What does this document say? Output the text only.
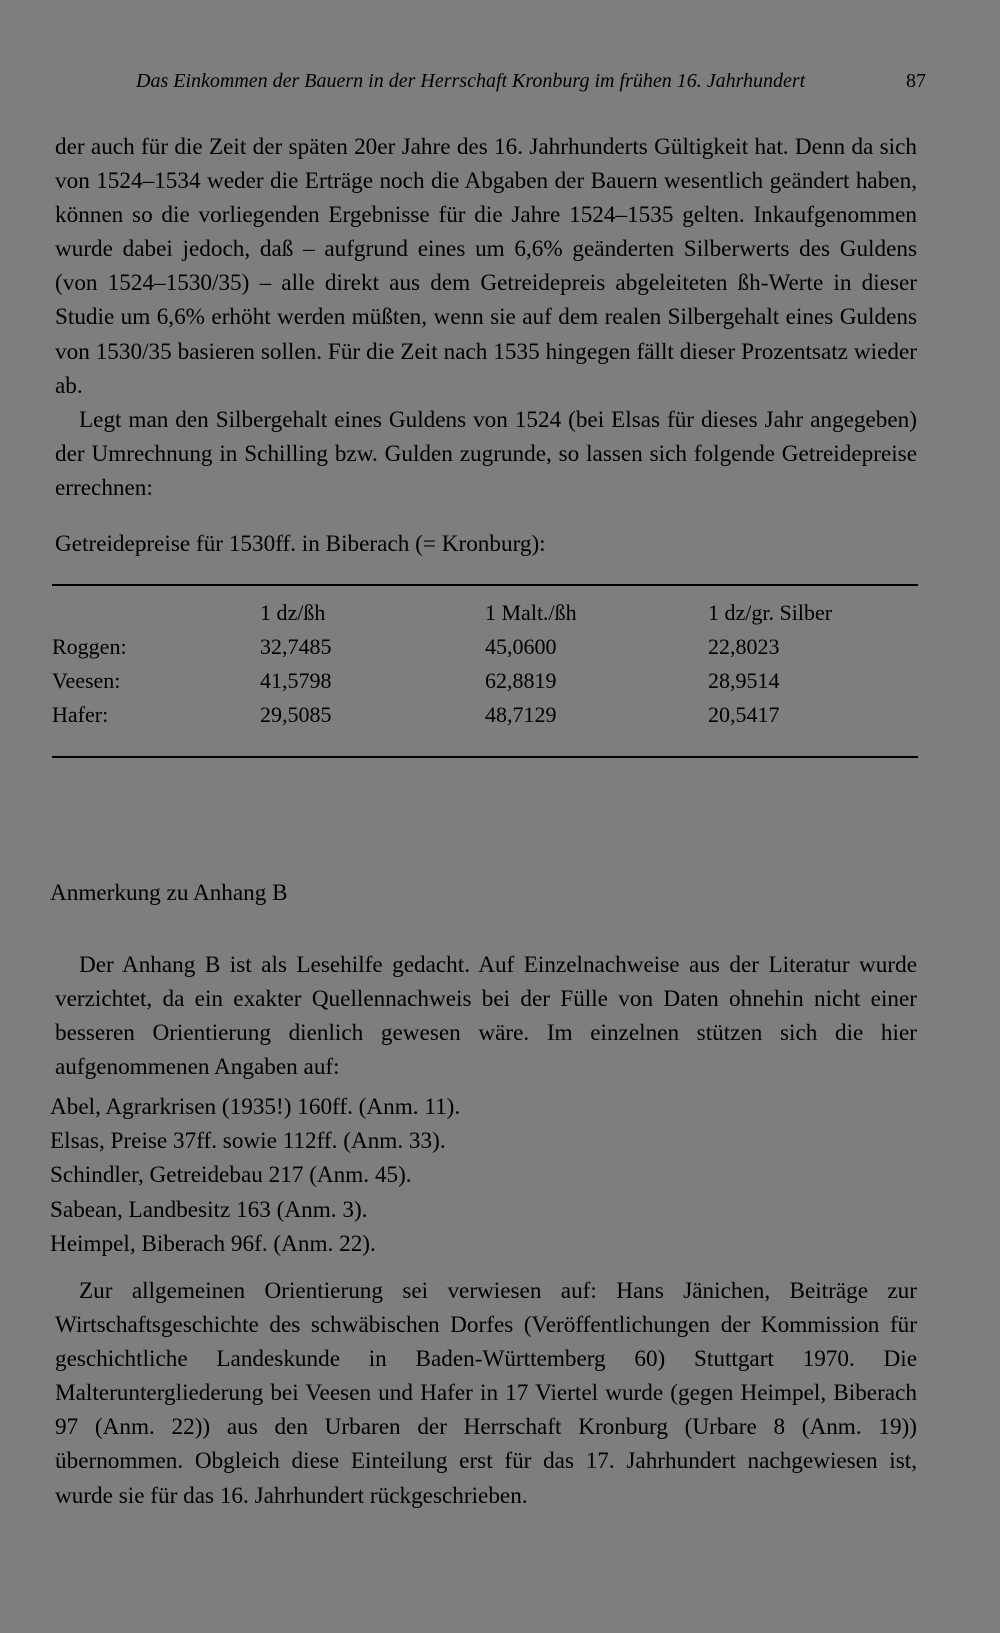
Das Einkommen der Bauern in der Herrschaft Kronburg im frühen 16. Jahrhundert	87

der auch für die Zeit der späten 20er Jahre des 16. Jahrhunderts Gültigkeit hat. Denn da sich von 1524–1534 weder die Erträge noch die Abgaben der Bauern wesentlich geändert haben, können so die vorliegenden Ergebnisse für die Jahre 1524–1535 gelten. Inkaufgenommen wurde dabei jedoch, daß – aufgrund eines um 6,6% geänderten Silberwerts des Guldens (von 1524–1530/35) – alle direkt aus dem Getreidepreis abgeleiteten ßh-Werte in dieser Studie um 6,6% erhöht werden müßten, wenn sie auf dem realen Silbergehalt eines Guldens von 1530/35 basieren sollen. Für die Zeit nach 1535 hingegen fällt dieser Prozentsatz wieder ab.

Legt man den Silbergehalt eines Guldens von 1524 (bei Elsas für dieses Jahr angegeben) der Umrechnung in Schilling bzw. Gulden zugrunde, so lassen sich folgende Getreidepreise errechnen:

Getreidepreise für 1530ff. in Biberach (= Kronburg):
	1 dz/ßh	1 Malt./ßh	1 dz/gr. Silber
Roggen:	32,7485	45,0600	22,8023
Veesen:	41,5798	62,8819	28,9514
Hafer:	29,5085	48,7129	20,5417
Anmerkung zu Anhang B

Der Anhang B ist als Lesehilfe gedacht. Auf Einzelnachweise aus der Literatur wurde verzichtet, da ein exakter Quellennachweis bei der Fülle von Daten ohnehin nicht einer besseren Orientierung dienlich gewesen wäre. Im einzelnen stützen sich die hier aufgenommenen Angaben auf:

Abel, Agrarkrisen (1935!) 160ff. (Anm. 11).
Elsas, Preise 37ff. sowie 112ff. (Anm. 33).
Schindler, Getreidebau 217 (Anm. 45).
Sabean, Landbesitz 163 (Anm. 3).
Heimpel, Biberach 96f. (Anm. 22).

Zur allgemeinen Orientierung sei verwiesen auf: Hans Jänichen, Beiträge zur Wirtschaftsgeschichte des schwäbischen Dorfes (Veröffentlichungen der Kommission für geschichtliche Landeskunde in Baden-Württemberg 60) Stuttgart 1970. Die Malteruntergliederung bei Veesen und Hafer in 17 Viertel wurde (gegen Heimpel, Biberach 97 (Anm. 22)) aus den Urbaren der Herrschaft Kronburg (Urbare 8 (Anm. 19)) übernommen. Obgleich diese Einteilung erst für das 17. Jahrhundert nachgewiesen ist, wurde sie für das 16. Jahrhundert rückgeschrieben.
